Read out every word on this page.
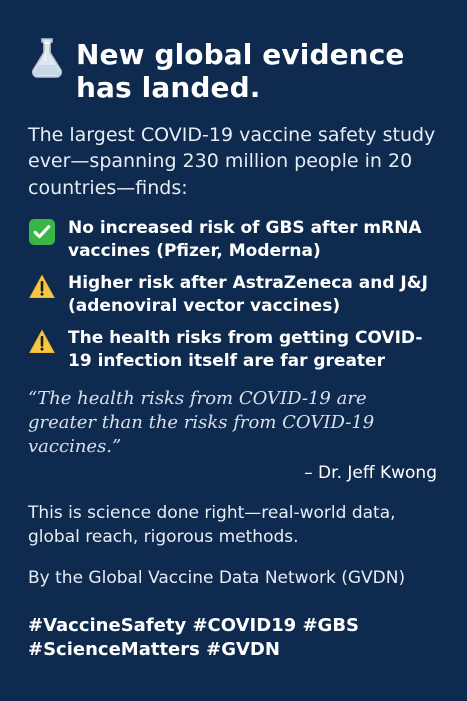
New global evidence has landed.
The largest COVID-19 vaccine safety study ever—spanning 230 million people in 20 countries—finds:
No increased risk of GBS after mRNA vaccines (Pfizer, Moderna)
Higher risk after AstraZeneca and J&J (adenoviral vector vaccines)
The health risks from getting COVID-19 infection itself are far greater
“The health risks from COVID-19 are greater than the risks from COVID-19 vaccines.”
– Dr. Jeff Kwong
This is science done right—real-world data, global reach, rigorous methods.
By the Global Vaccine Data Network (GVDN)
#VaccineSafety #COVID19 #GBS #ScienceMatters #GVDN
